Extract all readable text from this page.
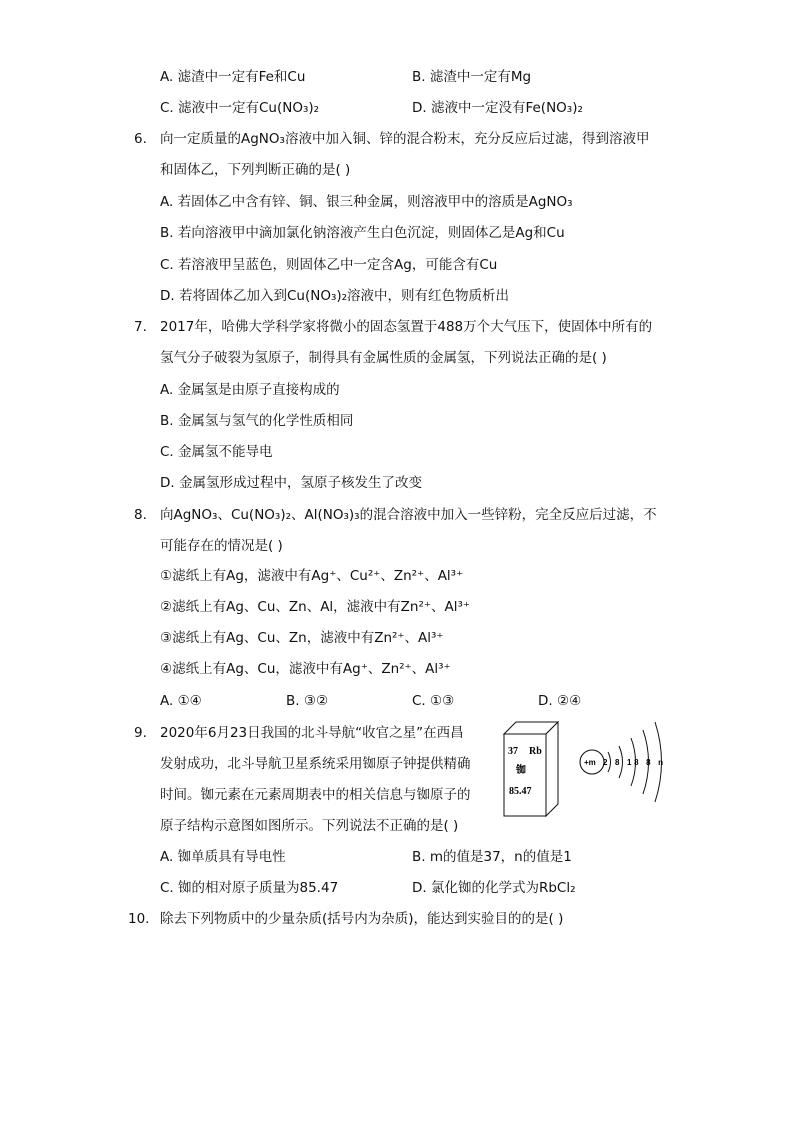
A. 滤渣中一定有Fe和Cu	B. 滤渣中一定有Mg
C. 滤液中一定有Cu(NO₃)₂	D. 滤液中一定没有Fe(NO₃)₂
6. 向一定质量的AgNO₃溶液中加入铜、锌的混合粉末，充分反应后过滤，得到溶液甲
和固体乙，下列判断正确的是( )
A. 若固体乙中含有锌、铜、银三种金属，则溶液甲中的溶质是AgNO₃
B. 若向溶液甲中滴加氯化钠溶液产生白色沉淀，则固体乙是Ag和Cu
C. 若溶液甲呈蓝色，则固体乙中一定含Ag，可能含有Cu
D. 若将固体乙加入到Cu(NO₃)₂溶液中，则有红色物质析出
7. 2017年，哈佛大学科学家将微小的固态氢置于488万个大气压下，使固体中所有的
氢气分子破裂为氢原子，制得具有金属性质的金属氢，下列说法正确的是( )
A. 金属氢是由原子直接构成的
B. 金属氢与氢气的化学性质相同
C. 金属氢不能导电
D. 金属氢形成过程中，氢原子核发生了改变
8. 向AgNO₃、Cu(NO₃)₂、Al(NO₃)₃的混合溶液中加入一些锌粉，完全反应后过滤，不
可能存在的情况是( )
①滤纸上有Ag，滤液中有Ag⁺、Cu²⁺、Zn²⁺、Al³⁺
②滤纸上有Ag、Cu、Zn、Al，滤液中有Zn²⁺、Al³⁺
③滤纸上有Ag、Cu、Zn，滤液中有Zn²⁺、Al³⁺
④滤纸上有Ag、Cu，滤液中有Ag⁺、Zn²⁺、Al³⁺
A. ①④	B. ③②	C. ①③	D. ②④
9. 2020年6月23日我国的北斗导航“收官之星”在西昌
发射成功，北斗导航卫星系统采用铷原子钟提供精确
时间。铷元素在元素周期表中的相关信息与铷原子的
原子结构示意图如图所示。下列说法不正确的是( )
37 Rb
铷
85.47
+m 2 8 18 8 n
A. 铷单质具有导电性	B. m的值是37，n的值是1
C. 铷的相对原子质量为85.47	D. 氯化铷的化学式为RbCl₂
10. 除去下列物质中的少量杂质(括号内为杂质)，能达到实验目的的是( )
